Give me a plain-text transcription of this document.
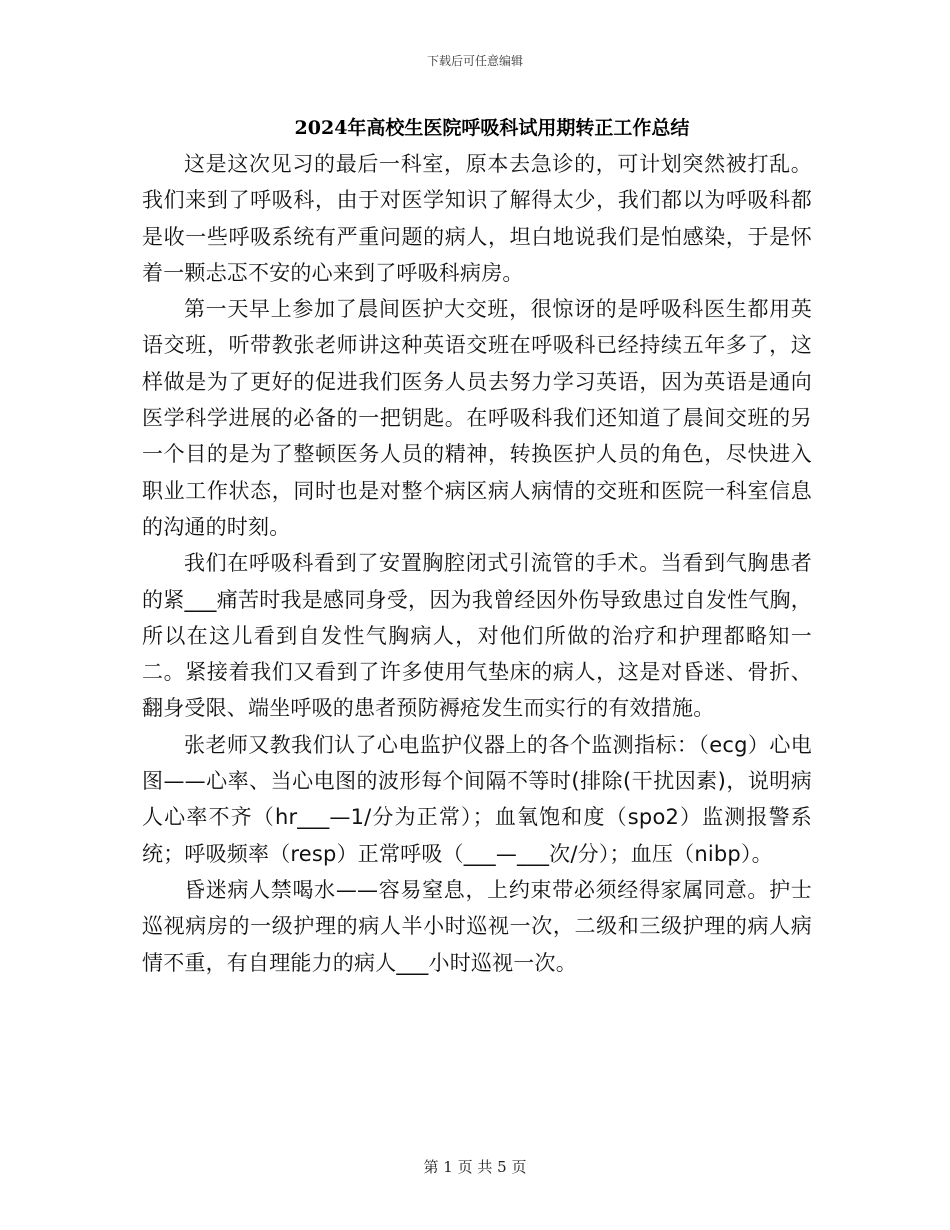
下载后可任意编辑
2024年高校生医院呼吸科试用期转正工作总结

这是这次见习的最后一科室，原本去急诊的，可计划突然被打乱。我们来到了呼吸科，由于对医学知识了解得太少，我们都以为呼吸科都是收一些呼吸系统有严重问题的病人，坦白地说我们是怕感染，于是怀着一颗忐忑不安的心来到了呼吸科病房。

第一天早上参加了晨间医护大交班，很惊讶的是呼吸科医生都用英语交班，听带教张老师讲这种英语交班在呼吸科已经持续五年多了，这样做是为了更好的促进我们医务人员去努力学习英语，因为英语是通向医学科学进展的必备的一把钥匙。在呼吸科我们还知道了晨间交班的另一个目的是为了整顿医务人员的精神，转换医护人员的角色，尽快进入职业工作状态，同时也是对整个病区病人病情的交班和医院一科室信息的沟通的时刻。

我们在呼吸科看到了安置胸腔闭式引流管的手术。当看到气胸患者的紧___痛苦时我是感同身受，因为我曾经因外伤导致患过自发性气胸，所以在这儿看到自发性气胸病人，对他们所做的治疗和护理都略知一二。紧接着我们又看到了许多使用气垫床的病人，这是对昏迷、骨折、翻身受限、端坐呼吸的患者预防褥疮发生而实行的有效措施。

张老师又教我们认了心电监护仪器上的各个监测指标：（ecg）心电图——心率、当心电图的波形每个间隔不等时(排除(干扰因素)，说明病人心率不齐（hr___—1/分为正常）；血氧饱和度（spo2）监测报警系统；呼吸频率（resp）正常呼吸（___—___次/分）；血压（nibp）。

昏迷病人禁喝水——容易窒息，上约束带必须经得家属同意。护士巡视病房的一级护理的病人半小时巡视一次，二级和三级护理的病人病情不重，有自理能力的病人___小时巡视一次。

第 1 页 共 5 页
